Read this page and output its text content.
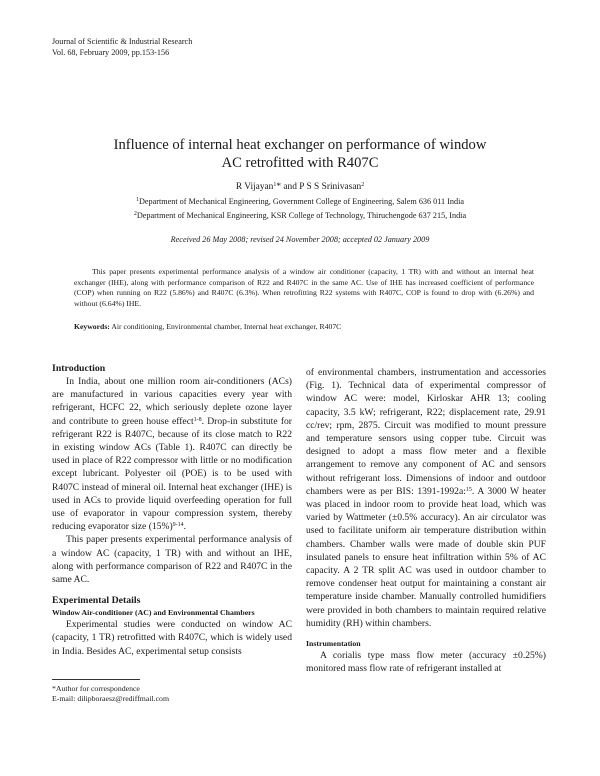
Journal of Scientific & Industrial Research
Vol. 68, February 2009, pp.153-156
Influence of internal heat exchanger on performance of window
AC retrofitted with R407C
R Vijayan$^1$* and P S S Srinivasan$^2$
$^1$Department of Mechanical Engineering, Government College of Engineering, Salem 636 011 India
$^2$Department of Mechanical Engineering, KSR College of Technology, Thiruchengode 637 215, India
Received 26 May 2008; revised 24 November 2008; accepted 02 January 2009
This paper presents experimental performance analysis of a window air conditioner (capacity, 1 TR) with and without an internal heat exchanger (IHE), along with performance comparison of R22 and R407C in the same AC. Use of IHE has increased coefficient of performance (COP) when running on R22 (5.86%) and R407C (6.3%). When retrofitting R22 systems with R407C, COP is found to drop with (6.26%) and without (6.64%) IHE.
Keywords: Air conditioning, Environmental chamber, Internal heat exchanger, R407C
Introduction

In India, about one million room air-conditioners (ACs) are manufactured in various capacities every year with refrigerant, HCFC 22, which seriously deplete ozone layer and contribute to green house effect$^{1-8}$. Drop-in substitute for refrigerant R22 is R407C, because of its close match to R22 in existing window ACs (Table 1). R407C can directly be used in place of R22 compressor with little or no modification except lubricant. Polyester oil (POE) is to be used with R407C instead of mineral oil. Internal heat exchanger (IHE) is used in ACs to provide liquid overfeeding operation for full use of evaporator in vapour compression system, thereby reducing evaporator size $(15\%)^{9-14}$.

This paper presents experimental performance analysis of a window AC (capacity, 1 TR) with and without an IHE, along with performance comparison of R22 and R407C in the same AC.

Experimental Details
Window Air-conditioner (AC) and Environmental Chambers

Experimental studies were conducted on window AC (capacity, 1 TR) retrofitted with R407C, which is widely used in India. Besides AC, experimental setup consists

of environmental chambers, instrumentation and accessories (Fig. 1). Technical data of experimental compressor of window AC were: model, Kirloskar AHR 13; cooling capacity, 3.5 kW; refrigerant, R22; displacement rate, 29.91 cc/rev; rpm, 2875. Circuit was modified to mount pressure and temperature sensors using copper tube. Circuit was designed to adopt a mass flow meter and a flexible arrangement to remove any component of AC and sensors without refrigerant loss. Dimensions of indoor and outdoor chambers were as per BIS: 1391-1992a:$^{15}$. A 3000 W heater was placed in indoor room to provide heat load, which was varied by Wattmeter (±0.5% accuracy). An air circulator was used to facilitate uniform air temperature distribution within chambers. Chamber walls were made of double skin PUF insulated panels to ensure heat infiltration within 5% of AC capacity. A 2 TR split AC was used in outdoor chamber to remove condenser heat output for maintaining a constant air temperature inside chamber. Manually controlled humidifiers were provided in both chambers to maintain required relative humidity (RH) within chambers.

Instrumentation

A corialis type mass flow meter (accuracy ±0.25%) monitored mass flow rate of refrigerant installed at

*Author for correspondence
E-mail: dilipboraesz@rediffmail.com
